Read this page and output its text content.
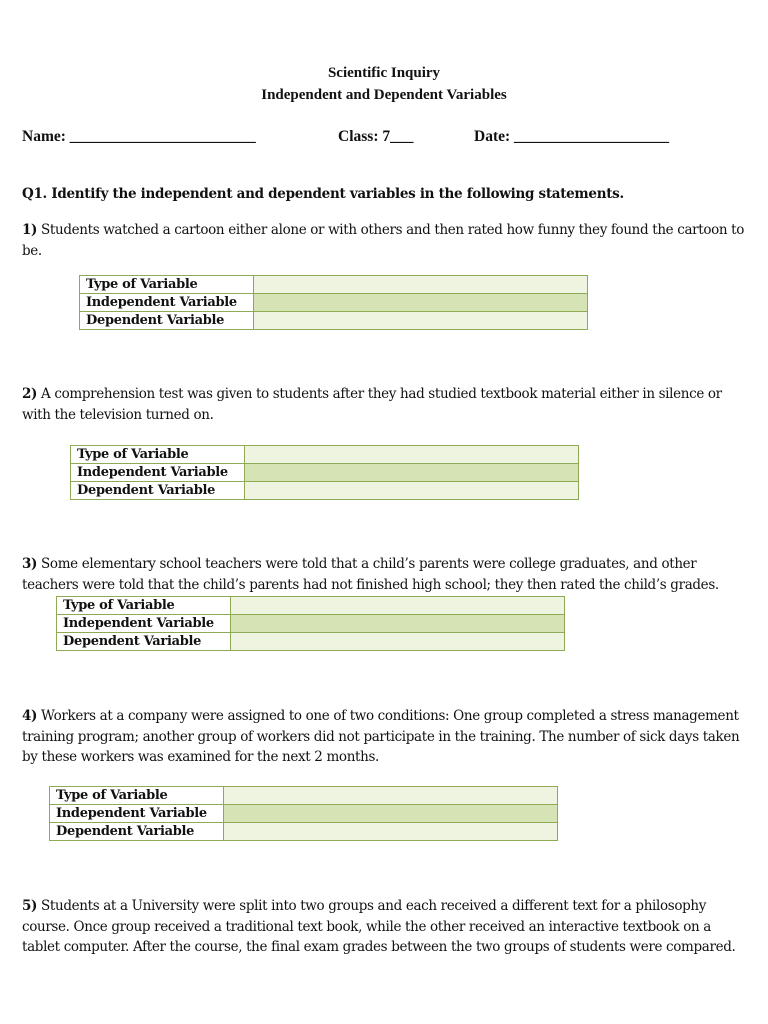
Scientific Inquiry
Independent and Dependent Variables
Name: ________________________	Class: 7___	Date: ____________________
Q1. Identify the independent and dependent variables in the following statements.
1) Students watched a cartoon either alone or with others and then rated how funny they found the cartoon to be.
Type of Variable	
Independent Variable	
Dependent Variable	
2) A comprehension test was given to students after they had studied textbook material either in silence or with the television turned on.
Type of Variable	
Independent Variable	
Dependent Variable	
3) Some elementary school teachers were told that a child’s parents were college graduates, and other teachers were told that the child’s parents had not finished high school; they then rated the child’s grades.
Type of Variable	
Independent Variable	
Dependent Variable	
4) Workers at a company were assigned to one of two conditions: One group completed a stress management training program; another group of workers did not participate in the training. The number of sick days taken by these workers was examined for the next 2 months.
Type of Variable	
Independent Variable	
Dependent Variable	
5) Students at a University were split into two groups and each received a different text for a philosophy course. Once group received a traditional text book, while the other received an interactive textbook on a tablet computer. After the course, the final exam grades between the two groups of students were compared.
